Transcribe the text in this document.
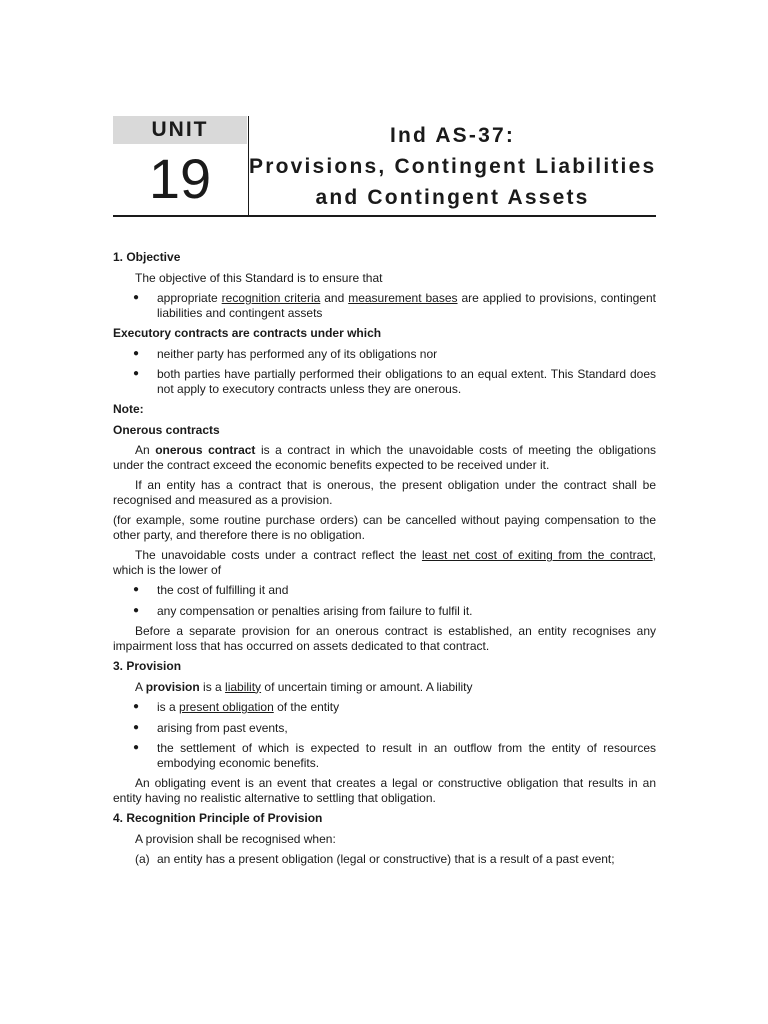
UNIT
19
Ind AS-37:
Provisions, Contingent Liabilities
and Contingent Assets

1. Objective

The objective of this Standard is to ensure that

● appropriate recognition criteria and measurement bases are applied to provisions, contingent liabilities and contingent assets

Executory contracts are contracts under which

● neither party has performed any of its obligations nor

● both parties have partially performed their obligations to an equal extent. This Standard does not apply to executory contracts unless they are onerous.

Note:

Onerous contracts

An onerous contract is a contract in which the unavoidable costs of meeting the obligations under the contract exceed the economic benefits expected to be received under it.

If an entity has a contract that is onerous, the present obligation under the contract shall be recognised and measured as a provision.

(for example, some routine purchase orders) can be cancelled without paying compensation to the other party, and therefore there is no obligation.

The unavoidable costs under a contract reflect the least net cost of exiting from the contract, which is the lower of

● the cost of fulfilling it and

● any compensation or penalties arising from failure to fulfil it.

Before a separate provision for an onerous contract is established, an entity recognises any impairment loss that has occurred on assets dedicated to that contract.

3. Provision

A provision is a liability of uncertain timing or amount. A liability

● is a present obligation of the entity

● arising from past events,

● the settlement of which is expected to result in an outflow from the entity of resources embodying economic benefits.

An obligating event is an event that creates a legal or constructive obligation that results in an entity having no realistic alternative to settling that obligation.

4. Recognition Principle of Provision

A provision shall be recognised when:

(a) an entity has a present obligation (legal or constructive) that is a result of a past event;
